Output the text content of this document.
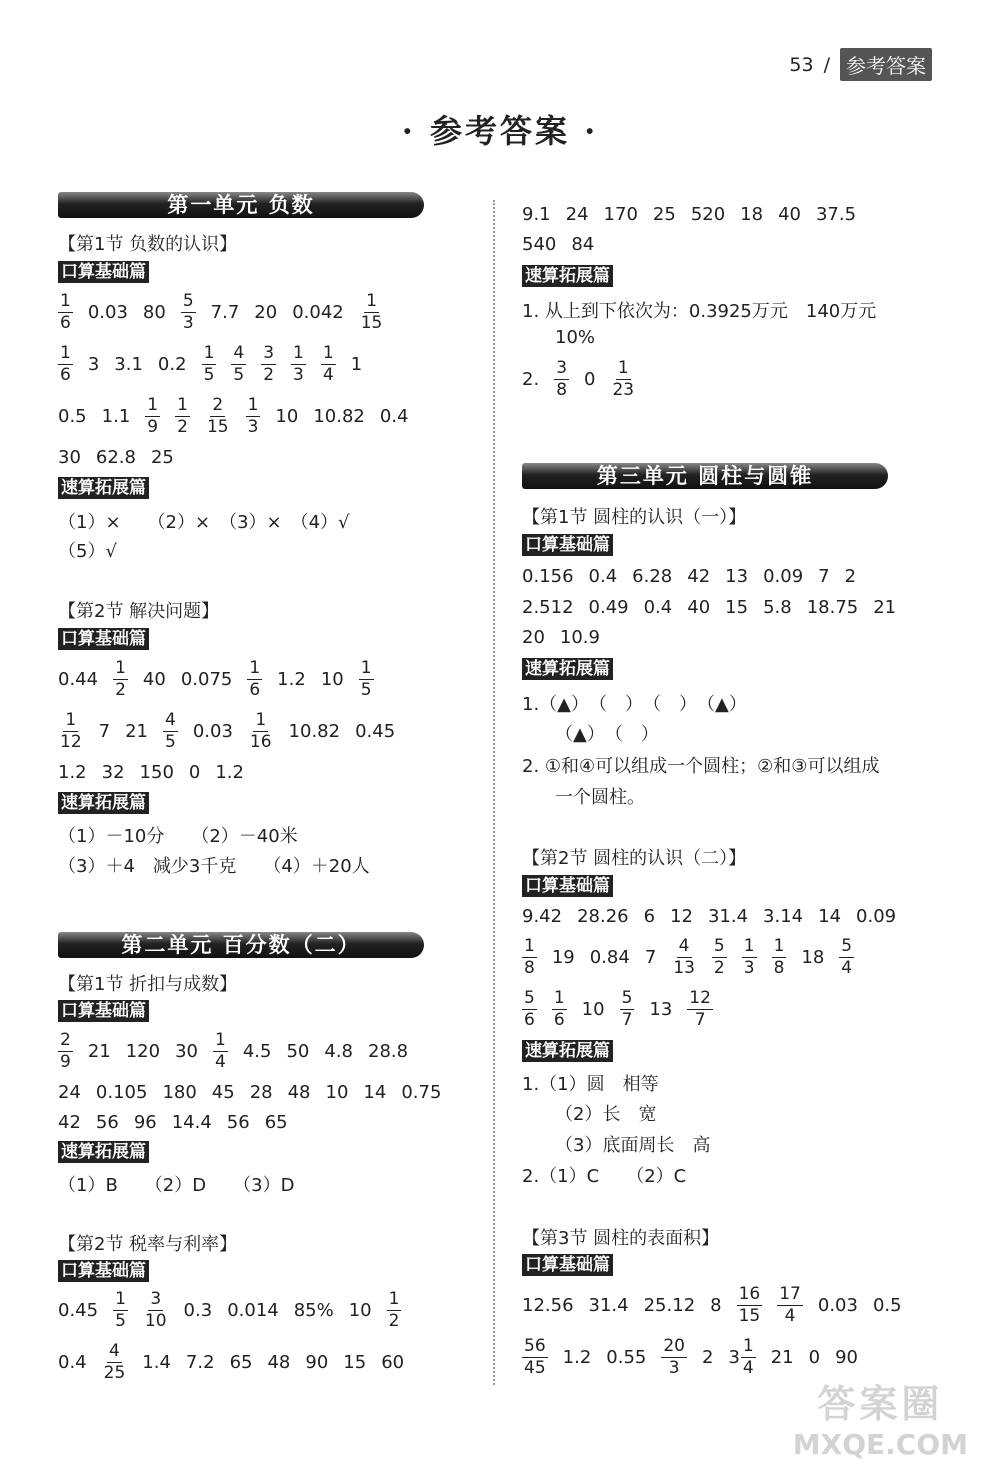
53 / 参考答案
· 参考答案 ·
第一单元 负数
【第1节 负数的认识】
口算基础篇
$\frac{1}{6} 0.03$ $80 \frac{5}{3} 7.7$ 20 $0.042 \frac{1}{15}$
$\frac{1}{6} 3$ 3.1 $0.2 \frac{1}{5} \frac{4}{5} \frac{3}{2} \frac{1}{3} \frac{1}{4} 1$
0.5 $1.1 \frac{1}{9} \frac{1}{2} \frac{2}{15} \frac{1}{3} 10$ 10.82 0.4
30 62.8 25
速算拓展篇
（1）×　　（2）×　（3）×　（4）√
（5）√
【第2节 解决问题】
口算基础篇
$0.44 \frac{1}{2} 40$ $0.075 \frac{1}{6} 1.2$ $10 \frac{1}{5}$
$\frac{1}{12} 7$ $21 \frac{4}{5} 0.03 \frac{1}{16} 10.82$ 0.45
1.2 32 150 0 1.2
速算拓展篇
（1）－10分　　（2）－40米
（3）＋4　减少3千克　　（4）＋20人
第二单元 百分数（二）
【第1节 折扣与成数】
口算基础篇
$\frac{2}{9} 21$ 120 $30 \frac{1}{4} 4.5$ 50 4.8 28.8
24 0.105 180 45 28 48 10 14 0.75
42 56 96 14.4 56 65
速算拓展篇
（1）B　　（2）D　　（3）D
【第2节 税率与利率】
口算基础篇
$0.45 \frac{1}{5} \frac{3}{10} 0.3$ 0.014 85% $10 \frac{1}{2}$
$0.4 \frac{4}{25} 1.4$ 7.2 65 48 90 15 60
9.1 24 170 25 520 18 40 37.5
540 84
速算拓展篇
1. 从上到下依次为：0.3925万元　140万元
10%
2. $\frac{3}{8} 0 \frac{1}{23}$
第三单元 圆柱与圆锥
【第1节 圆柱的认识（一）】
口算基础篇
0.156 0.4 6.28 42 13 0.09 7 2
2.512 0.49 0.4 40 15 5.8 18.75 21
20 10.9
速算拓展篇
1.（▲）　（　）　（　）　（▲）
（▲）　（　）
2. ①和④可以组成一个圆柱；②和③可以组成
一个圆柱。
【第2节 圆柱的认识（二）】
口算基础篇
9.42 28.26 6 12 31.4 3.14 14 0.09
$\frac{1}{8} 19$ 0.84 $7 \frac{4}{13} \frac{5}{2} \frac{1}{3} \frac{1}{8} 18 \frac{5}{4}$
$\frac{5}{6} \frac{1}{6} 10 \frac{5}{7} 13 \frac{12}{7}$
速算拓展篇
1.（1）圆　相等
（2）长　宽
（3）底面周长　高
2.（1）C　　（2）C
【第3节 圆柱的表面积】
口算基础篇
12.56 31.4 25.12 $8 \frac{16}{15} \frac{17}{4} 0.03$ 0.5
$\frac{56}{45} 1.2$ $0.55 \frac{20}{3} 2$ $3 \frac{1}{4} 21$ 0 90
答案圈
MXQE.COM
